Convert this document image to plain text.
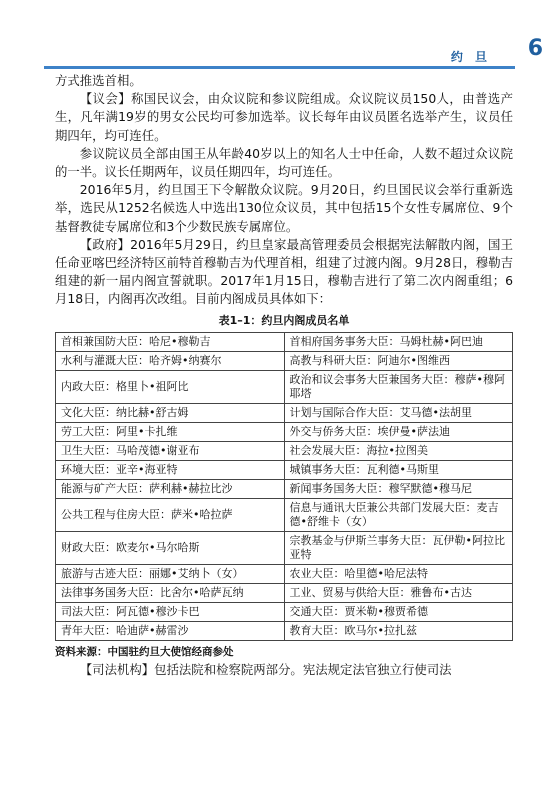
约 旦 6

方式推选首相。

【议会】称国民议会，由众议院和参议院组成。众议院议员150人，由普选产生，凡年满19岁的男女公民均可参加选举。议长每年由议员匿名选举产生，议员任期四年，均可连任。

参议院议员全部由国王从年龄40岁以上的知名人士中任命，人数不超过众议院的一半。议长任期两年，议员任期四年，均可连任。

2016年5月，约旦国王下令解散众议院。9月20日，约旦国民议会举行重新选举，选民从1252名候选人中选出130位众议员，其中包括15个女性专属席位、9个基督教徒专属席位和3个少数民族专属席位。

【政府】2016年5月29日，约旦皇家最高管理委员会根据宪法解散内阁，国王任命亚喀巴经济特区前特首穆勒吉为代理首相，组建了过渡内阁。9月28日，穆勒吉组建的新一届内阁宣誓就职。2017年1月15日，穆勒吉进行了第二次内阁重组；6月18日，内阁再次改组。目前内阁成员具体如下：

表1–1：约旦内阁成员名单
首相兼国防大臣：哈尼•穆勒吉	首相府国务事务大臣：马姆杜赫•阿巴迪
水利与灌溉大臣：哈齐姆•纳赛尔	高教与科研大臣：阿迪尔•图维西
内政大臣：格里卜•祖阿比	政治和议会事务大臣兼国务大臣：穆萨•穆阿耶塔
文化大臣：纳比赫•舒古姆	计划与国际合作大臣：艾马德•法胡里
劳工大臣：阿里•卡扎维	外交与侨务大臣：埃伊曼•萨法迪
卫生大臣：马哈茂德•谢亚布	社会发展大臣：海拉•拉图美
环境大臣：亚辛•海亚特	城镇事务大臣：瓦利德•马斯里
能源与矿产大臣：萨利赫•赫拉比沙	新闻事务国务大臣：穆罕默德•穆马尼
公共工程与住房大臣：萨米•哈拉萨	信息与通讯大臣兼公共部门发展大臣：麦吉德•舒维卡（女）
财政大臣：欧麦尔•马尔哈斯	宗教基金与伊斯兰事务大臣：瓦伊勒•阿拉比亚特
旅游与古迹大臣：丽娜•艾纳卜（女）	农业大臣：哈里德•哈尼法特
法律事务国务大臣：比舍尔•哈萨瓦纳	工业、贸易与供给大臣：雅鲁布•古达
司法大臣：阿瓦德•穆沙卡巴	交通大臣：贾米勒•穆贾希德
青年大臣：哈迪萨•赫雷沙	教育大臣：欧马尔•拉扎兹
资料来源：中国驻约旦大使馆经商参处

【司法机构】包括法院和检察院两部分。宪法规定法官独立行使司法
